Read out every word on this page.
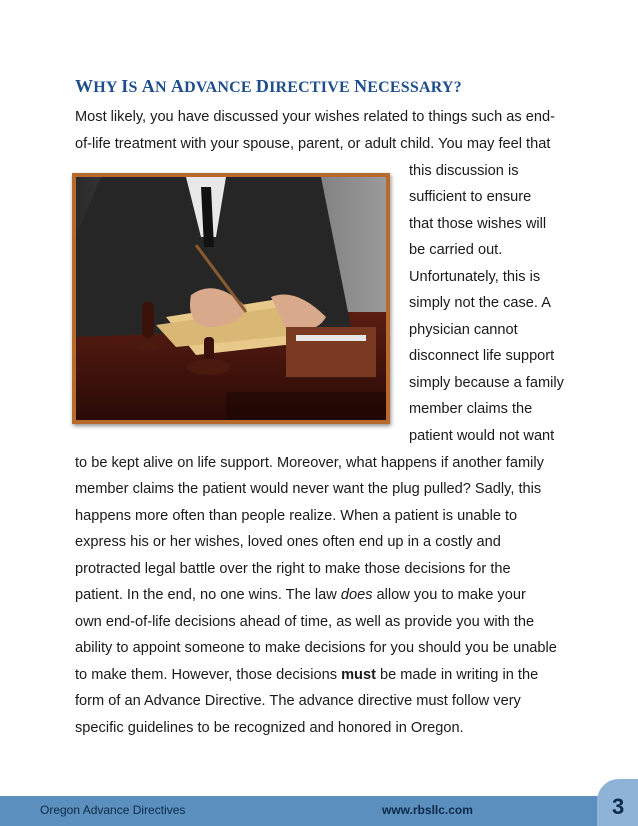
WHY IS AN ADVANCE DIRECTIVE NECESSARY?
Most likely, you have discussed your wishes related to things such as end-
of-life treatment with your spouse, parent, or adult child. You may feel that
this discussion is
sufficient to ensure
that those wishes will
be carried out.
Unfortunately, this is
simply not the case. A
physician cannot
disconnect life support
simply because a family
member claims the
patient would not want
to be kept alive on life support. Moreover, what happens if another family
member claims the patient would never want the plug pulled? Sadly, this
happens more often than people realize. When a patient is unable to
express his or her wishes, loved ones often end up in a costly and
protracted legal battle over the right to make those decisions for the
patient. In the end, no one wins. The law does allow you to make your
own end-of-life decisions ahead of time, as well as provide you with the
ability to appoint someone to make decisions for you should you be unable
to make them. However, those decisions must be made in writing in the
form of an Advance Directive. The advance directive must follow very
specific guidelines to be recognized and honored in Oregon.
Oregon Advance Directives	www.rbsllc.com	3
